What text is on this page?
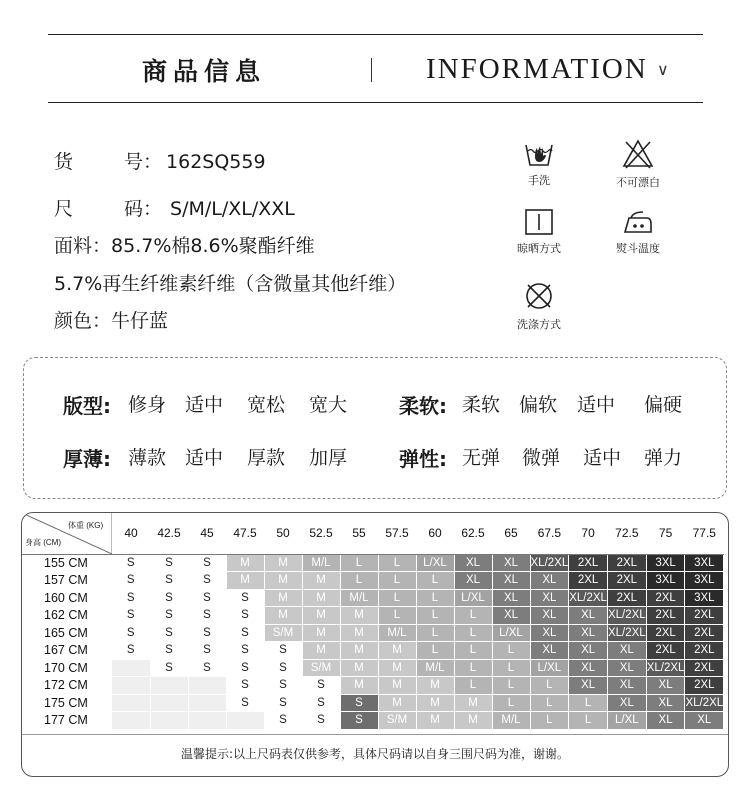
商品信息	INFORMATION ∨
货	号： 162SQ559
尺	码： S/M/L/XL/XXL
面料：85.7%棉8.6%聚酯纤维
5.7%再生纤维素纤维（含微量其他纤维）
颜色：牛仔蓝
手洗	不可漂白
晾晒方式	熨斗温度
洗涤方式
版型: 修身 适中 宽松 宽大	柔软: 柔软 偏软 适中 偏硬
厚薄: 薄款 适中 厚款 加厚	弹性: 无弹 微弹 适中 弹力
	40	42.5	45	47.5	50	52.5	55	57.5	60	62.5	65	67.5	70	72.5	75	77.5
155 CM	S	S	S	M	M	M/L	L	L	L/XL	XL	XL	XL/2XL	2XL	2XL	3XL	3XL
157 CM	S	S	S	M	M	M	L	L	L	XL	XL	XL	2XL	2XL	3XL	3XL
160 CM	S	S	S	S	M	M	M/L	L	L	L/XL	XL	XL	XL/2XL	2XL	2XL	3XL
162 CM	S	S	S	S	M	M	M	L	L	L	XL	XL	XL	XL/2XL	2XL	2XL
165 CM	S	S	S	S	S/M	M	M	M/L	L	L	L/XL	XL	XL	XL/2XL	2XL	2XL
167 CM	S	S	S	S	S	M	M	M	L	L	L	XL	XL	XL	2XL	2XL
170 CM		S	S	S	S	S/M	M	M	M/L	L	L	L/XL	XL	XL	XL/2XL	2XL
172 CM				S	S	S	M	M	M	L	L	L	XL	XL	XL	2XL
175 CM				S	S	S	S	M	M	M	L	L	L	XL	XL	XL/2XL
177 CM					S	S	S	S/M	M	M	M/L	L	L	L/XL	XL	XL
体重 (KG)
身高 (CM)
温馨提示:以上尺码表仅供参考，具体尺码请以自身三围尺码为准，谢谢。
